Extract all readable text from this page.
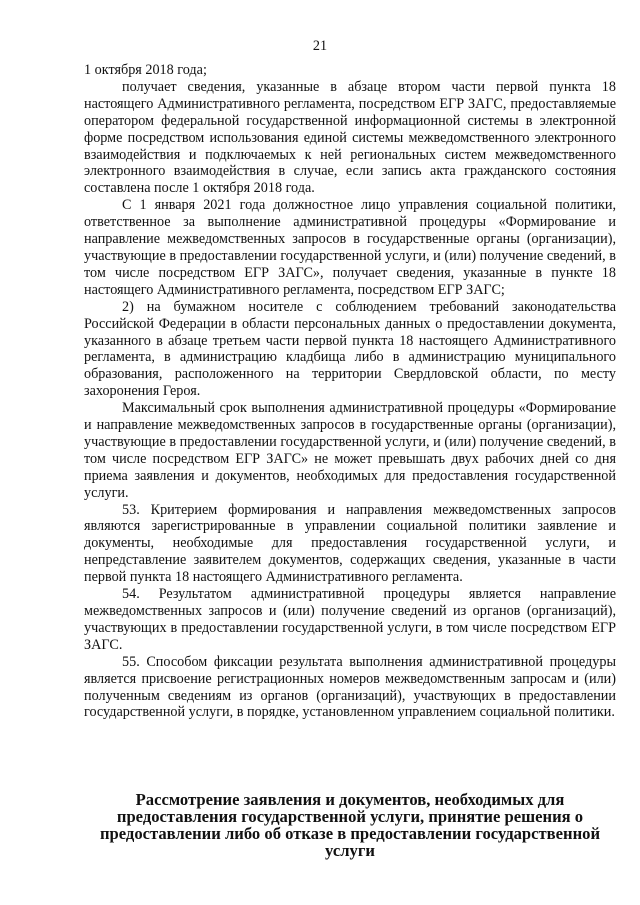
21

1 октября 2018 года;

получает сведения, указанные в абзаце втором части первой пункта 18 настоящего Административного регламента, посредством ЕГР ЗАГС, предоставляемые оператором федеральной государственной информационной системы в электронной форме посредством использования единой системы межведомственного электронного взаимодействия и подключаемых к ней региональных систем межведомственного электронного взаимодействия в случае, если запись акта гражданского состояния составлена после 1 октября 2018 года.

С 1 января 2021 года должностное лицо управления социальной политики, ответственное за выполнение административной процедуры «Формирование и направление межведомственных запросов в государственные органы (организации), участвующие в предоставлении государственной услуги, и (или) получение сведений, в том числе посредством ЕГР ЗАГС», получает сведения, указанные в пункте 18 настоящего Административного регламента, посредством ЕГР ЗАГС;

2) на бумажном носителе с соблюдением требований законодательства Российской Федерации в области персональных данных о предоставлении документа, указанного в абзаце третьем части первой пункта 18 настоящего Административного регламента, в администрацию кладбища либо в администрацию муниципального образования, расположенного на территории Свердловской области, по месту захоронения Героя.

Максимальный срок выполнения административной процедуры «Формирование и направление межведомственных запросов в государственные органы (организации), участвующие в предоставлении государственной услуги, и (или) получение сведений, в том числе посредством ЕГР ЗАГС» не может превышать двух рабочих дней со дня приема заявления и документов, необходимых для предоставления государственной услуги.

53. Критерием формирования и направления межведомственных запросов являются зарегистрированные в управлении социальной политики заявление и документы, необходимые для предоставления государственной услуги, и непредставление заявителем документов, содержащих сведения, указанные в части первой пункта 18 настоящего Административного регламента.

54. Результатом административной процедуры является направление межведомственных запросов и (или) получение сведений из органов (организаций), участвующих в предоставлении государственной услуги, в том числе посредством ЕГР ЗАГС.

55. Способом фиксации результата выполнения административной процедуры является присвоение регистрационных номеров межведомственным запросам и (или) полученным сведениям из органов (организаций), участвующих в предоставлении государственной услуги, в порядке, установленном управлением социальной политики.

Рассмотрение заявления и документов, необходимых для предоставления государственной услуги, принятие решения о предоставлении либо об отказе в предоставлении государственной услуги
